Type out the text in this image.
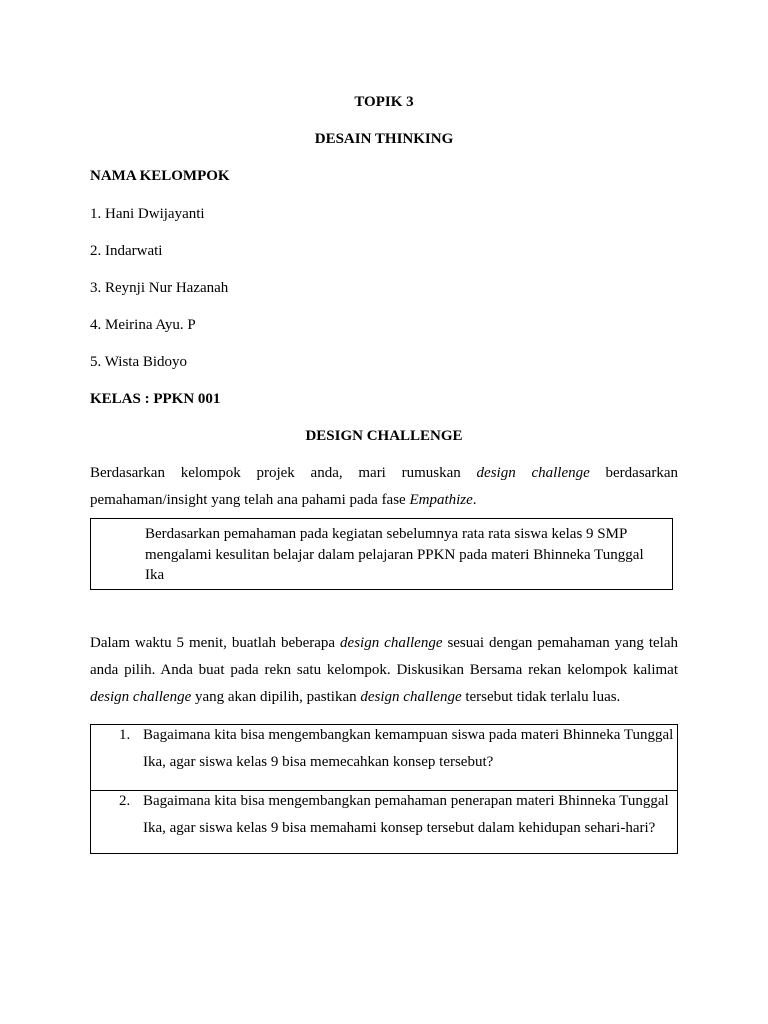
TOPIK 3
DESAIN THINKING
NAMA KELOMPOK
1. Hani Dwijayanti
2. Indarwati
3. Reynji Nur Hazanah
4. Meirina Ayu. P
5. Wista Bidoyo
KELAS : PPKN 001
DESIGN CHALLENGE
Berdasarkan kelompok projek anda, mari rumuskan design challenge berdasarkan
pemahaman/insight yang telah ana pahami pada fase Empathize.
Berdasarkan pemahaman pada kegiatan sebelumnya rata rata siswa kelas 9 SMP
mengalami kesulitan belajar dalam pelajaran PPKN pada materi Bhinneka Tunggal
Ika
Dalam waktu 5 menit, buatlah beberapa design challenge sesuai dengan pemahaman yang telah
anda pilih. Anda buat pada rekn satu kelompok. Diskusikan Bersama rekan kelompok kalimat
design challenge yang akan dipilih, pastikan design challenge tersebut tidak terlalu luas.
1. Bagaimana kita bisa mengembangkan kemampuan siswa pada materi Bhinneka Tunggal
Ika, agar siswa kelas 9 bisa memecahkan konsep tersebut?
2. Bagaimana kita bisa mengembangkan pemahaman penerapan materi Bhinneka Tunggal
Ika, agar siswa kelas 9 bisa memahami konsep tersebut dalam kehidupan sehari-hari?
